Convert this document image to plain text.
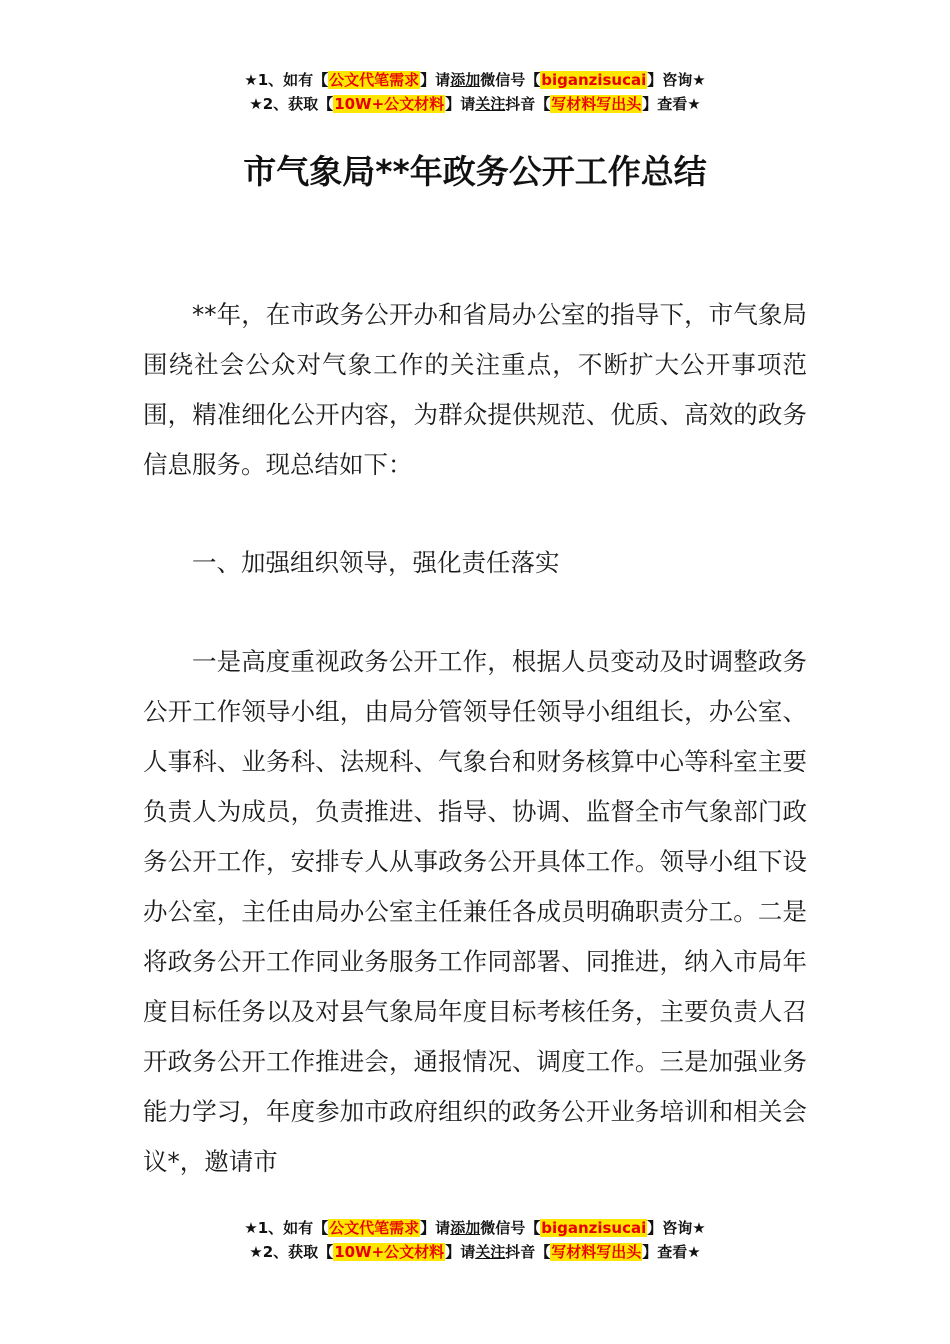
★1、如有【公文代笔需求】请添加微信号【biganzisucai】咨询★
★2、获取【10W+公文材料】请关注抖音【写材料写出头】查看★
市气象局**年政务公开工作总结

**年，在市政务公开办和省局办公室的指导下，市气象局围绕社会公众对气象工作的关注重点，不断扩大公开事项范围，精准细化公开内容，为群众提供规范、优质、高效的政务信息服务。现总结如下：

一、加强组织领导，强化责任落实

一是高度重视政务公开工作，根据人员变动及时调整政务公开工作领导小组，由局分管领导任领导小组组长，办公室、人事科、业务科、法规科、气象台和财务核算中心等科室主要负责人为成员，负责推进、指导、协调、监督全市气象部门政务公开工作，安排专人从事政务公开具体工作。领导小组下设办公室，主任由局办公室主任兼任各成员明确职责分工。二是将政务公开工作同业务服务工作同部署、同推进，纳入市局年度目标任务以及对县气象局年度目标考核任务，主要负责人召开政务公开工作推进会，通报情况、调度工作。三是加强业务能力学习，年度参加市政府组织的政务公开业务培训和相关会议*，邀请市

★1、如有【公文代笔需求】请添加微信号【biganzisucai】咨询★
★2、获取【10W+公文材料】请关注抖音【写材料写出头】查看★
